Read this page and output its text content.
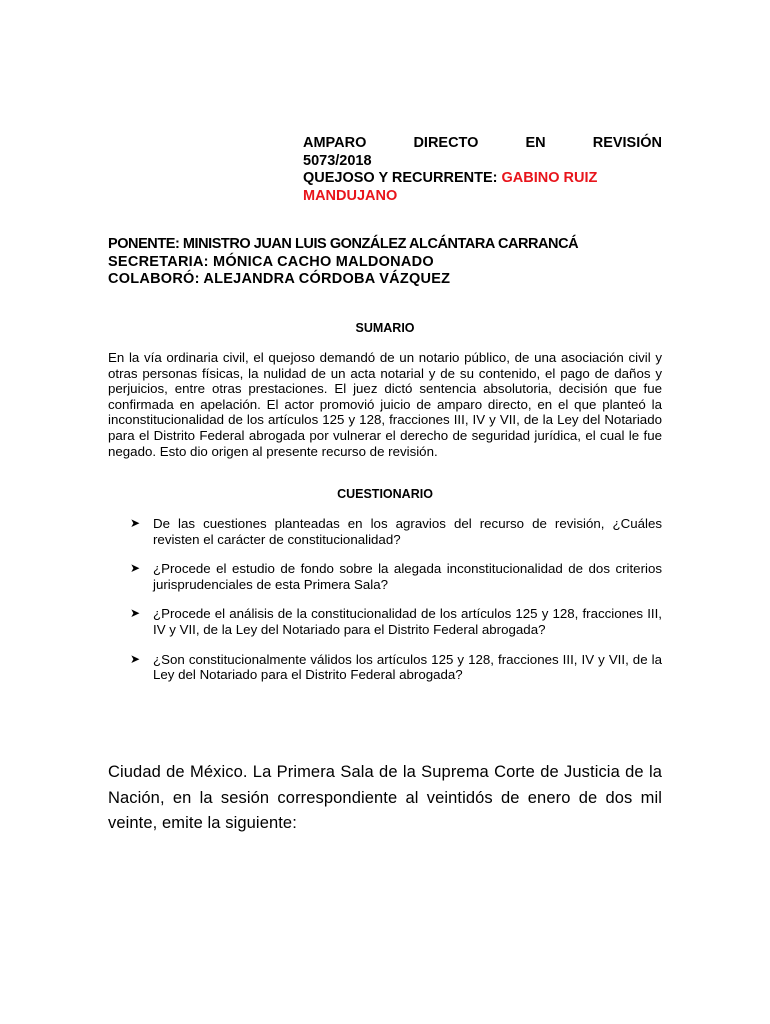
AMPARO	DIRECTO	EN	REVISIÓN
5073/2018
QUEJOSO Y RECURRENTE: GABINO RUIZ
MANDUJANO
PONENTE: MINISTRO JUAN LUIS GONZÁLEZ ALCÁNTARA CARRANCÁ
SECRETARIA: MÓNICA CACHO MALDONADO
COLABORÓ: ALEJANDRA CÓRDOBA VÁZQUEZ
SUMARIO
En la vía ordinaria civil, el quejoso demandó de un notario público, de una asociación civil y otras personas físicas, la nulidad de un acta notarial y de su contenido, el pago de daños y perjuicios, entre otras prestaciones. El juez dictó sentencia absolutoria, decisión que fue confirmada en apelación. El actor promovió juicio de amparo directo, en el que planteó la inconstitucionalidad de los artículos 125 y 128, fracciones III, IV y VII, de la Ley del Notariado para el Distrito Federal abrogada por vulnerar el derecho de seguridad jurídica, el cual le fue negado. Esto dio origen al presente recurso de revisión.
CUESTIONARIO
➤ De las cuestiones planteadas en los agravios del recurso de revisión, ¿Cuáles revisten el carácter de constitucionalidad?
➤ ¿Procede el estudio de fondo sobre la alegada inconstitucionalidad de dos criterios jurisprudenciales de esta Primera Sala?
➤ ¿Procede el análisis de la constitucionalidad de los artículos 125 y 128, fracciones III, IV y VII, de la Ley del Notariado para el Distrito Federal abrogada?
➤ ¿Son constitucionalmente válidos los artículos 125 y 128, fracciones III, IV y VII, de la Ley del Notariado para el Distrito Federal abrogada?
Ciudad de México. La Primera Sala de la Suprema Corte de Justicia de la Nación, en la sesión correspondiente al veintidós de enero de dos mil veinte, emite la siguiente:
